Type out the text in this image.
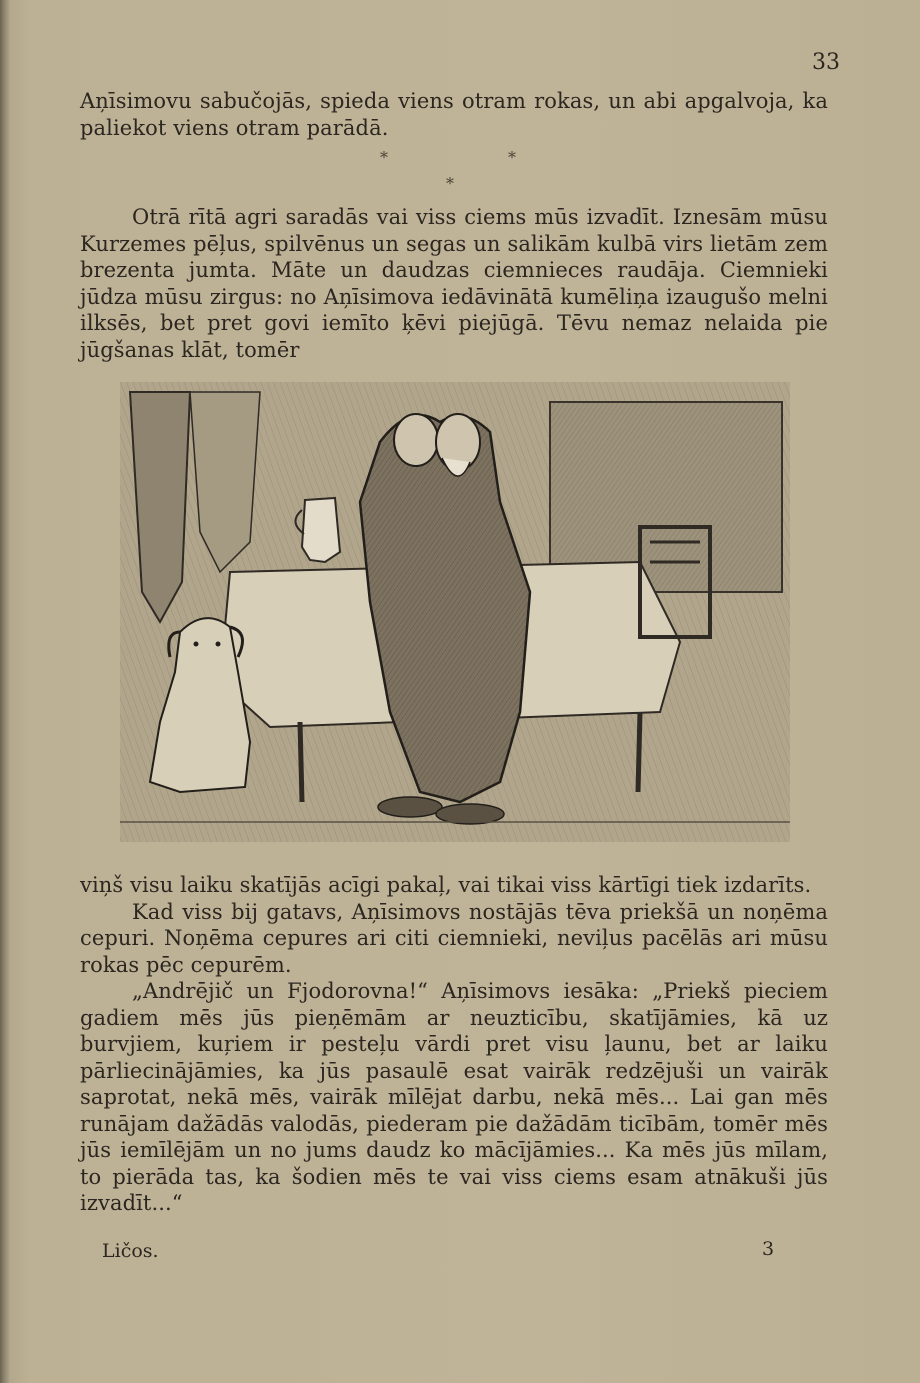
33

Aņīsimovu sabučojās, spieda viens otram rokas, un abi apgalvoja, ka paliekot viens otram parādā.

*	*
*

Otrā rītā agri saradās vai viss ciems mūs izvadīt. Iznesām mūsu Kurzemes pēļus, spilvēnus un segas un salikām kulbā virs lietām zem brezenta jumta. Māte un daudzas ciemnieces raudāja. Ciemnieki jūdza mūsu zirgus: no Aņīsimova iedāvinātā kumēliņa izaugušo melni ilksēs, bet pret govi iemīto ķēvi piejūgā. Tēvu nemaz nelaida pie jūgšanas klāt, tomēr

viņš visu laiku skatījās acīgi pakaļ, vai tikai viss kārtīgi tiek izdarīts.

Kad viss bij gatavs, Aņīsimovs nostājās tēva priekšā un noņēma cepuri. Noņēma cepures ari citi ciemnieki, neviļus pacēlās ari mūsu rokas pēc cepurēm.

„Andrējič un Fjodorovna!“ Aņīsimovs iesāka: „Priekš pieciem gadiem mēs jūs pieņēmām ar neuzticību, skatījāmies, kā uz burvjiem, kuŗiem ir pesteļu vārdi pret visu ļaunu, bet ar laiku pārliecinājāmies, ka jūs pasaulē esat vairāk redzējuši un vairāk saprotat, nekā mēs, vairāk mīlējat darbu, nekā mēs... Lai gan mēs runājam dažādās valodās, piederam pie dažādām ticībām, tomēr mēs jūs iemīlējām un no jums daudz ko mācījāmies... Ka mēs jūs mīlam, to pierāda tas, ka šodien mēs te vai viss ciems esam atnākuši jūs izvadīt...“

Ličos.	3
